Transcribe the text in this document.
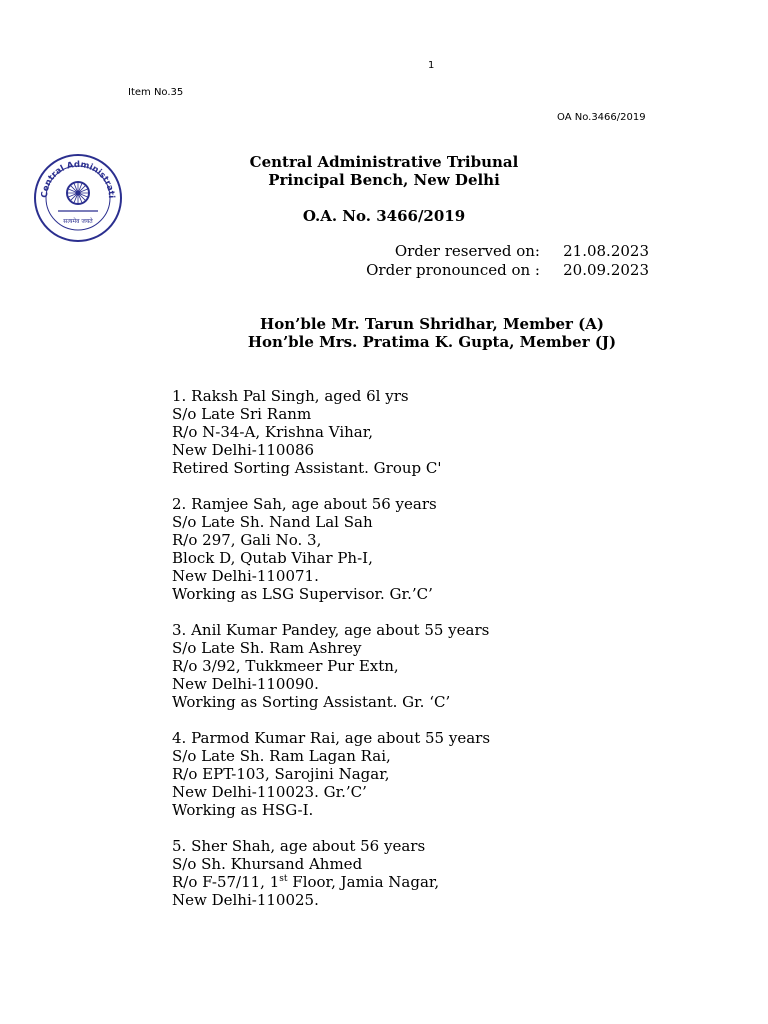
1
Item No.35
OA No.3466/2019
Central Administrati
सत्यमेव जयते
Central Administrative Tribunal
Principal Bench, New Delhi
O.A. No. 3466/2019
Order reserved on: 21.08.2023
Order pronounced on : 20.09.2023
Hon’ble Mr. Tarun Shridhar, Member (A)
Hon’ble Mrs. Pratima K. Gupta, Member (J)
1. Raksh Pal Singh, aged 6l yrs
S/o Late Sri Ranm
R/o N-34-A, Krishna Vihar,
New Delhi-110086
Retired Sorting Assistant. Group C'
2. Ramjee Sah, age about 56 years
S/o Late Sh. Nand Lal Sah
R/o 297, Gali No. 3,
Block D, Qutab Vihar Ph-I,
New Delhi-110071.
Working as LSG Supervisor. Gr.’C’
3. Anil Kumar Pandey, age about 55 years
S/o Late Sh. Ram Ashrey
R/o 3/92, Tukkmeer Pur Extn,
New Delhi-110090.
Working as Sorting Assistant. Gr. ‘C’
4. Parmod Kumar Rai, age about 55 years
S/o Late Sh. Ram Lagan Rai,
R/o EPT-103, Sarojini Nagar,
New Delhi-110023. Gr.’C’
Working as HSG-I.
5. Sher Shah, age about 56 years
S/o Sh. Khursand Ahmed
R/o F-57/11, 1st Floor, Jamia Nagar,
New Delhi-110025.
